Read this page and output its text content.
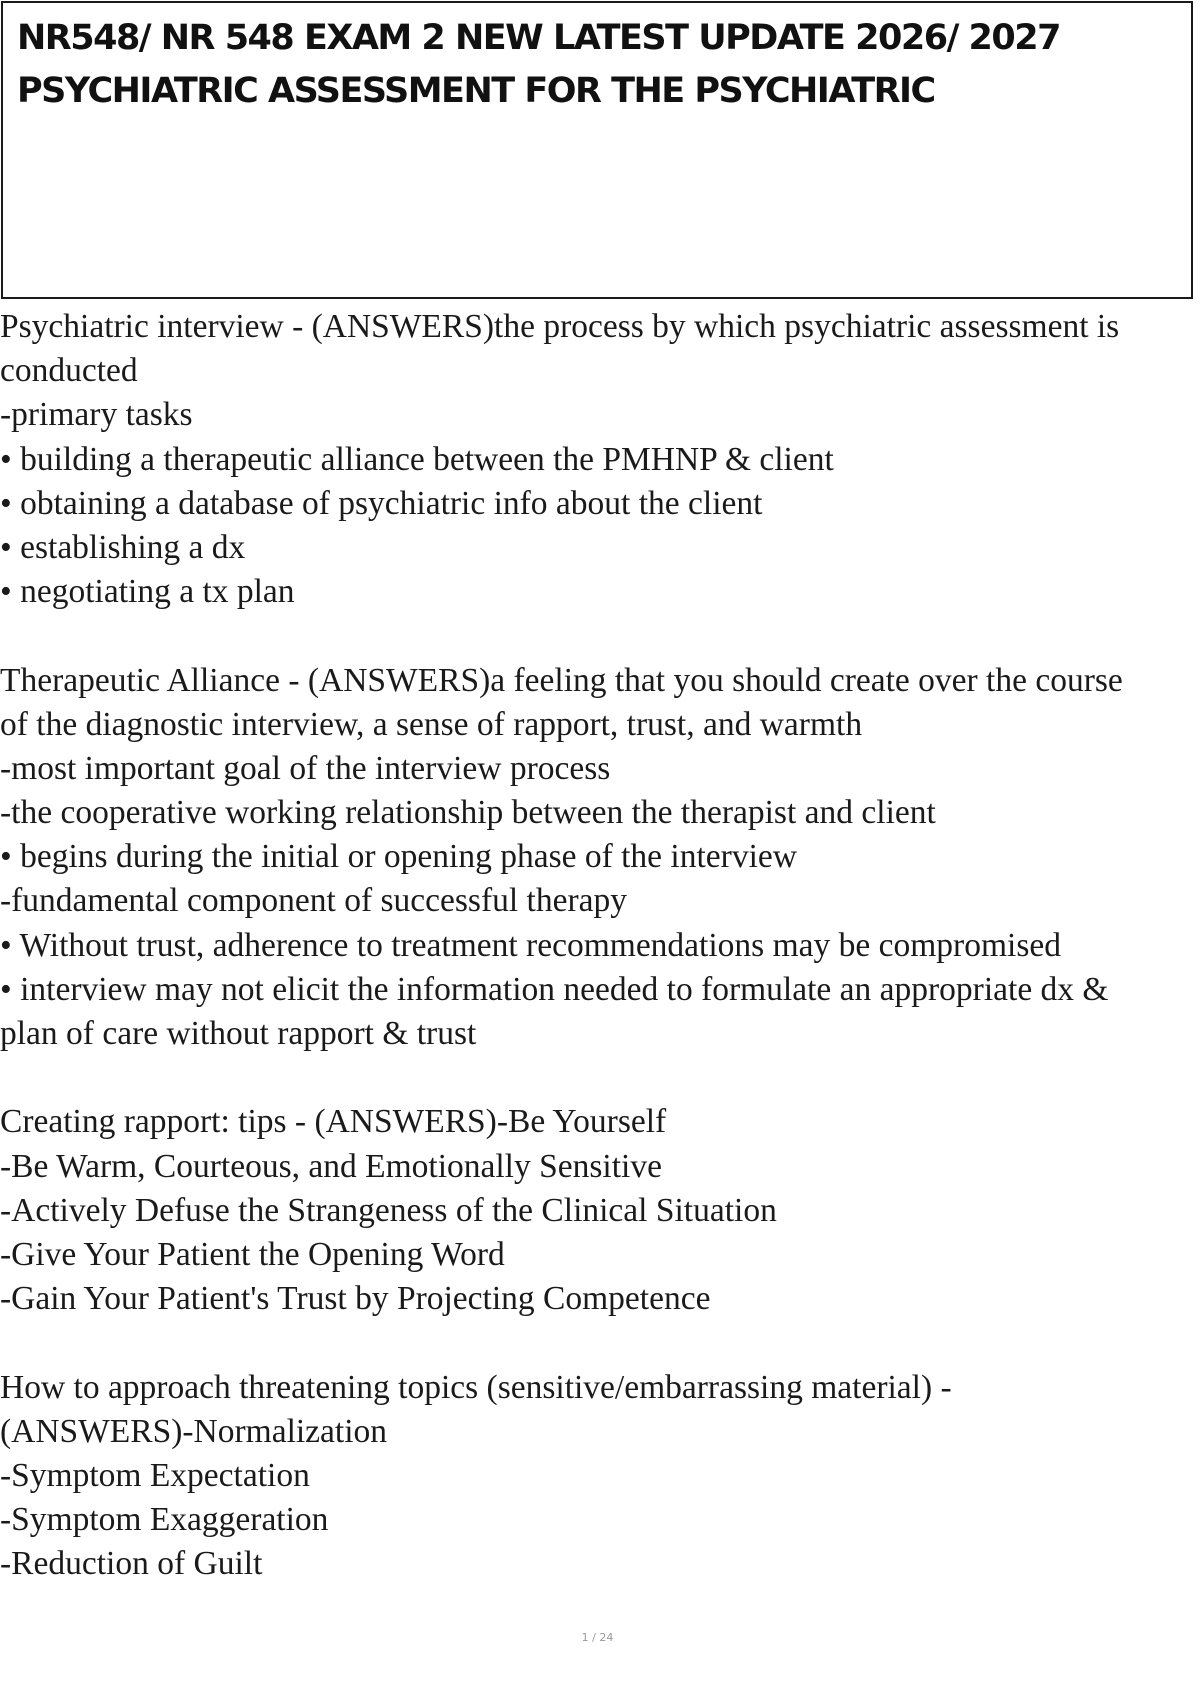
NR548/ NR 548 EXAM 2 NEW LATEST UPDATE 2026/ 2027
PSYCHIATRIC ASSESSMENT FOR THE PSYCHIATRIC
Psychiatric interview - (ANSWERS)the process by which psychiatric assessment is
conducted
-primary tasks
• building a therapeutic alliance between the PMHNP & client
• obtaining a database of psychiatric info about the client
• establishing a dx
• negotiating a tx plan
Therapeutic Alliance - (ANSWERS)a feeling that you should create over the course
of the diagnostic interview, a sense of rapport, trust, and warmth
-most important goal of the interview process
-the cooperative working relationship between the therapist and client
• begins during the initial or opening phase of the interview
-fundamental component of successful therapy
• Without trust, adherence to treatment recommendations may be compromised
• interview may not elicit the information needed to formulate an appropriate dx &
plan of care without rapport & trust
Creating rapport: tips - (ANSWERS)-Be Yourself
-Be Warm, Courteous, and Emotionally Sensitive
-Actively Defuse the Strangeness of the Clinical Situation
-Give Your Patient the Opening Word
-Gain Your Patient's Trust by Projecting Competence
How to approach threatening topics (sensitive/embarrassing material) -
(ANSWERS)-Normalization
-Symptom Expectation
-Symptom Exaggeration
-Reduction of Guilt
1 / 24
